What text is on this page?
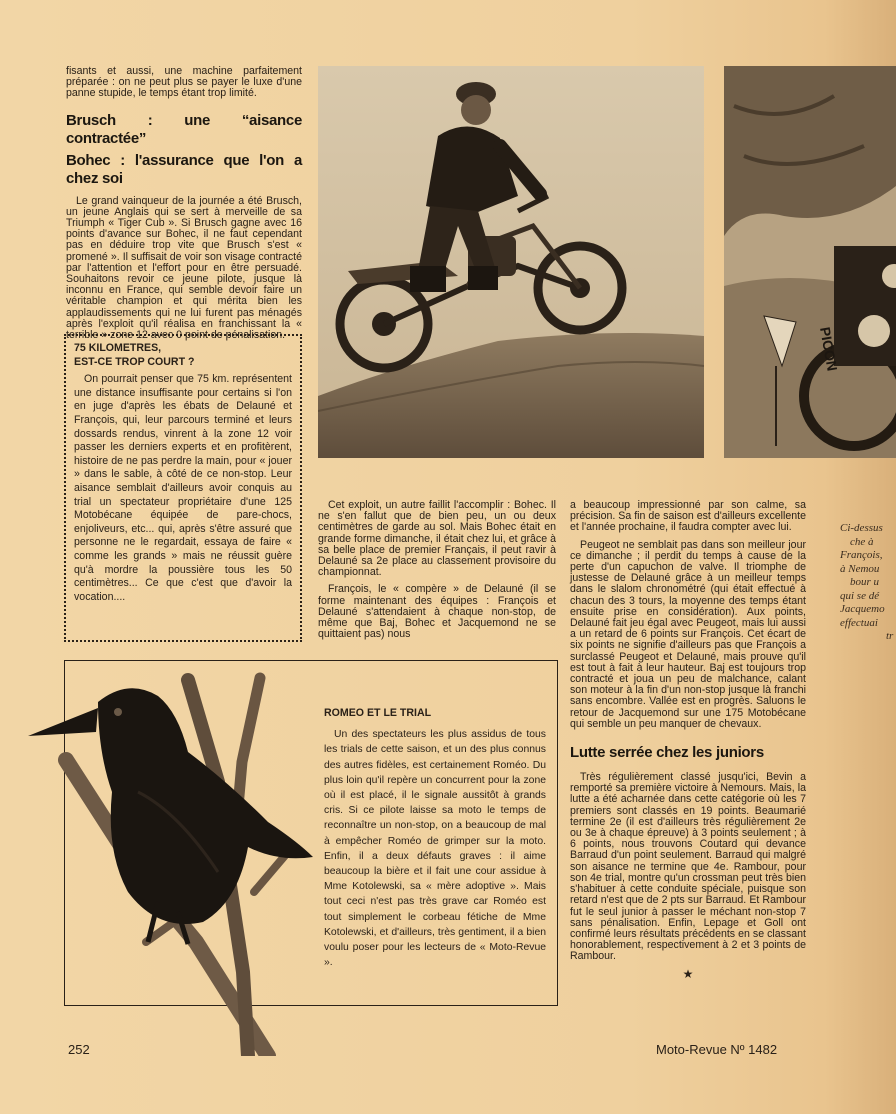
fisants et aussi, une machine parfaitement préparée : on ne peut plus se payer le luxe d'une panne stupide, le temps étant trop limité.

Brusch : une “aisance contractée”
Bohec : l'assurance que l'on a chez soi

Le grand vainqueur de la journée a été Brusch, un jeune Anglais qui se sert à merveille de sa Triumph « Tiger Cub ». Si Brusch gagne avec 16 points d'avance sur Bohec, il ne faut cependant pas en déduire trop vite que Brusch s'est « promené ». Il suffisait de voir son visage contracté par l'attention et l'effort pour en être persuadé. Souhaitons revoir ce jeune pilote, jusque là inconnu en France, qui semble devoir faire un véritable champion et qui mérita bien les applaudissements qui ne lui furent pas ménagés après l'exploit qu'il réalisa en franchissant la « terrible » zone 12 avec 0 point de pénalisation.

75 KILOMETRES,
EST-CE TROP COURT ?
On pourrait penser que 75 km. représentent une distance insuffisante pour certains si l'on en juge d'après les ébats de Delauné et François, qui, leur parcours terminé et leurs dossards rendus, vinrent à la zone 12 voir passer les derniers experts et en profitèrent, histoire de ne pas perdre la main, pour « jouer » dans le sable, à côté de ce non-stop. Leur aisance semblait d'ailleurs avoir conquis au trial un spectateur propriétaire d'une 125 Motobécane équipée de pare-chocs, enjoliveurs, etc... qui, après s'être assuré que personne ne le regardait, essaya de faire « comme les grands » mais ne réussit guère qu'à mordre la poussière tous les 50 centimètres... Ce que c'est que d'avoir la vocation....
PICON

Cet exploit, un autre faillit l'accomplir : Bohec. Il ne s'en fallut que de bien peu, un ou deux centimètres de garde au sol. Mais Bohec était en grande forme dimanche, il était chez lui, et grâce à sa belle place de premier Français, il peut ravir à Delauné sa 2e place au classement provisoire du championnat.

François, le « compère » de Delauné (il se forme maintenant des équipes : François et Delauné s'attendaient à chaque non-stop, de même que Baj, Bohec et Jacquemond ne se quittaient pas) nous

a beaucoup impressionné par son calme, sa précision. Sa fin de saison est d'ailleurs excellente et l'année prochaine, il faudra compter avec lui.

Peugeot ne semblait pas dans son meilleur jour ce dimanche ; il perdit du temps à cause de la perte d'un capuchon de valve. Il triomphe de justesse de Delauné grâce à un meilleur temps dans le slalom chronométré (qui était effectué à chacun des 3 tours, la moyenne des temps étant ensuite prise en considération). Aux points, Delauné fait jeu égal avec Peugeot, mais lui aussi a un retard de 6 points sur François. Cet écart de six points ne signifie d'ailleurs pas que François a surclassé Peugeot et Delauné, mais prouve qu'il est tout à fait à leur hauteur. Baj est toujours trop contracté et joua un peu de malchance, calant son moteur à la fin d'un non-stop jusque là franchi sans encombre. Vallée est en progrès. Saluons le retour de Jacquemond sur une 175 Motobécane qui semble un peu manquer de chevaux.

Lutte serrée chez les juniors

Très régulièrement classé jusqu'ici, Bevin a remporté sa première victoire à Nemours. Mais, la lutte a été acharnée dans cette catégorie où les 7 premiers sont classés en 19 points. Beaumarié termine 2e (il est d'ailleurs très régulièrement 2e ou 3e à chaque épreuve) à 3 points seulement ; à 6 points, nous trouvons Coutard qui devance Barraud d'un point seulement. Barraud qui malgré son aisance ne termine que 4e. Rambour, pour son 4e trial, montre qu'un crossman peut très bien s'habituer à cette conduite spéciale, puisque son retard n'est que de 2 pts sur Barraud. Et Rambour fut le seul junior à passer le méchant non-stop 7 sans pénalisation. Enfin, Lepage et Goll ont confirmé leurs résultats précédents en se classant honorablement, respectivement à 2 et 3 points de Rambour.

★
Ci-dessus
che à
François,
à Nemou
bour u
qui se dé
Jacquemo
effectuai
tr
ROMEO ET LE TRIAL

Un des spectateurs les plus assidus de tous les trials de cette saison, et un des plus connus des autres fidèles, est certainement Roméo. Du plus loin qu'il repère un concurrent pour la zone où il est placé, il le signale aussitôt à grands cris. Si ce pilote laisse sa moto le temps de reconnaître un non-stop, on a beaucoup de mal à empêcher Roméo de grimper sur la moto. Enfin, il a deux défauts graves : il aime beaucoup la bière et il fait une cour assidue à Mme Kotolewski, sa « mère adoptive ». Mais tout ceci n'est pas très grave car Roméo est tout simplement le corbeau fétiche de Mme Kotolewski, et d'ailleurs, très gentiment, il a bien voulu poser pour les lecteurs de « Moto-Revue ».

252	Moto-Revue Nº 1482
